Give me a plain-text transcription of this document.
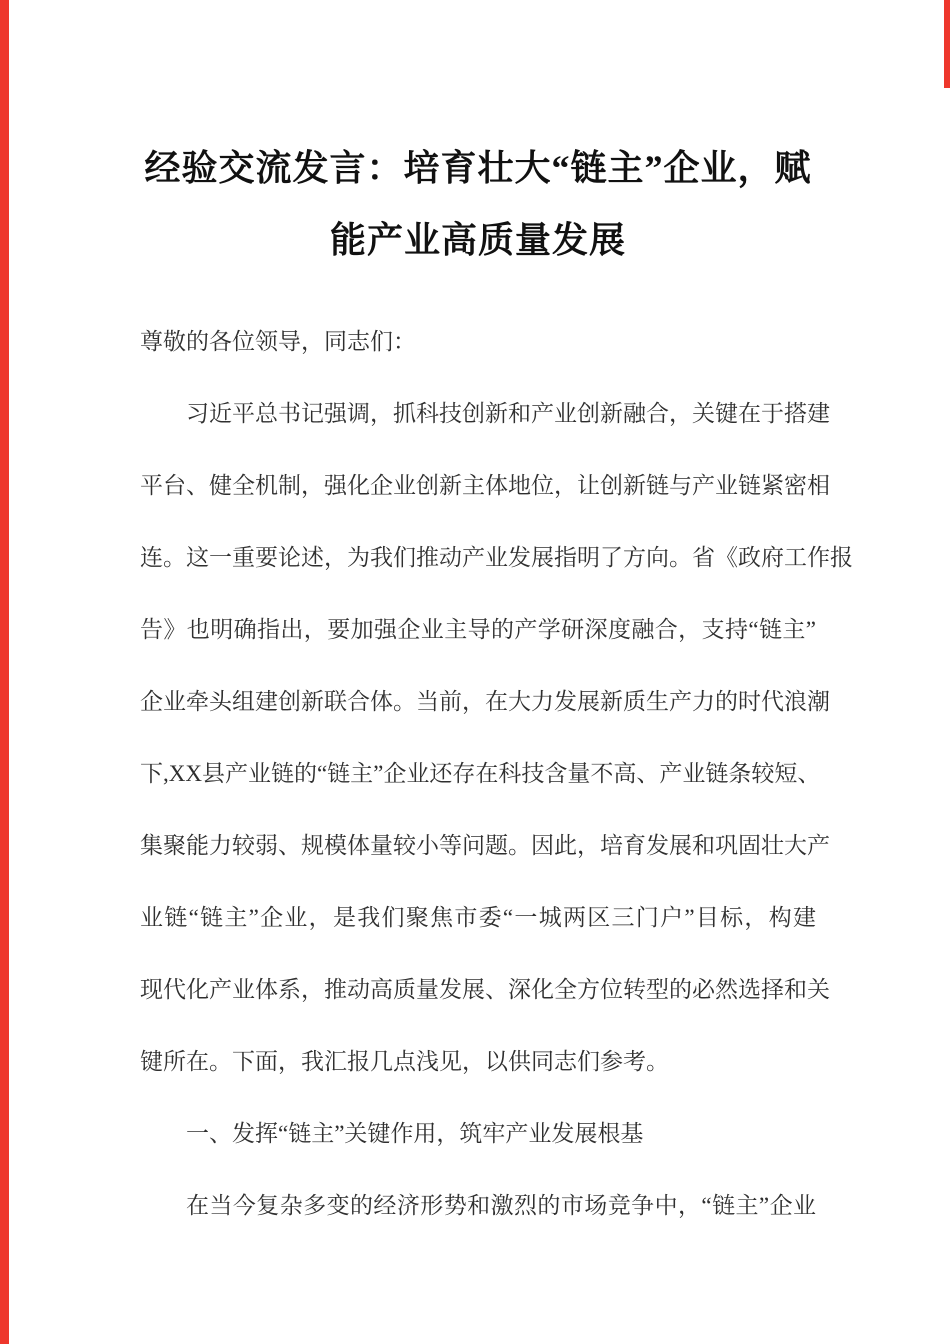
经验交流发言：培育壮大“链主”企业，赋
能产业高质量发展
尊敬的各位领导，同志们：
习近平总书记强调，抓科技创新和产业创新融合，关键在于搭建
平台、健全机制，强化企业创新主体地位，让创新链与产业链紧密相
连。这一重要论述，为我们推动产业发展指明了方向。省《政府工作报
告》也明确指出，要加强企业主导的产学研深度融合，支持“链主”
企业牵头组建创新联合体。当前，在大力发展新质生产力的时代浪潮
下,XX县产业链的“链主”企业还存在科技含量不高、产业链条较短、
集聚能力较弱、规模体量较小等问题。因此，培育发展和巩固壮大产
业链“链主”企业，是我们聚焦市委“一城两区三门户”目标，构建
现代化产业体系，推动高质量发展、深化全方位转型的必然选择和关
键所在。下面，我汇报几点浅见，以供同志们参考。
一、发挥“链主”关键作用，筑牢产业发展根基
在当今复杂多变的经济形势和激烈的市场竞争中，“链主”企业
